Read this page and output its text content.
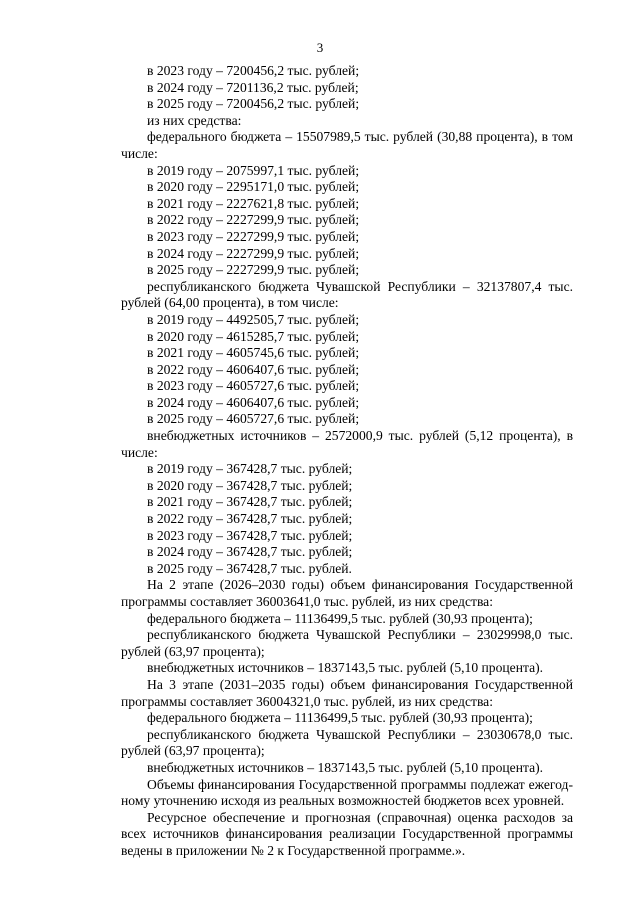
3
в 2023 году – 7200456,2 тыс. рублей;
в 2024 году – 7201136,2 тыс. рублей;
в 2025 году – 7200456,2 тыс. рублей;
из них средства:
федерального бюджета – 15507989,5 тыс. рублей (30,88 процента), в том
числе:
в 2019 году – 2075997,1 тыс. рублей;
в 2020 году – 2295171,0 тыс. рублей;
в 2021 году – 2227621,8 тыс. рублей;
в 2022 году – 2227299,9 тыс. рублей;
в 2023 году – 2227299,9 тыс. рублей;
в 2024 году – 2227299,9 тыс. рублей;
в 2025 году – 2227299,9 тыс. рублей;
республиканского бюджета Чувашской Республики – 32137807,4 тыс.
рублей (64,00 процента), в том числе:
в 2019 году – 4492505,7 тыс. рублей;
в 2020 году – 4615285,7 тыс. рублей;
в 2021 году – 4605745,6 тыс. рублей;
в 2022 году – 4606407,6 тыс. рублей;
в 2023 году – 4605727,6 тыс. рублей;
в 2024 году – 4606407,6 тыс. рублей;
в 2025 году – 4605727,6 тыс. рублей;
внебюджетных источников – 2572000,9 тыс. рублей (5,12 процента), в
числе:
в 2019 году – 367428,7 тыс. рублей;
в 2020 году – 367428,7 тыс. рублей;
в 2021 году – 367428,7 тыс. рублей;
в 2022 году – 367428,7 тыс. рублей;
в 2023 году – 367428,7 тыс. рублей;
в 2024 году – 367428,7 тыс. рублей;
в 2025 году – 367428,7 тыс. рублей.
На 2 этапе (2026–2030 годы) объем финансирования Государственной
программы составляет 36003641,0 тыс. рублей, из них средства:
федерального бюджета – 11136499,5 тыс. рублей (30,93 процента);
республиканского бюджета Чувашской Республики – 23029998,0 тыс.
рублей (63,97 процента);
внебюджетных источников – 1837143,5 тыс. рублей (5,10 процента).
На 3 этапе (2031–2035 годы) объем финансирования Государственной
программы составляет 36004321,0 тыс. рублей, из них средства:
федерального бюджета – 11136499,5 тыс. рублей (30,93 процента);
республиканского бюджета Чувашской Республики – 23030678,0 тыс.
рублей (63,97 процента);
внебюджетных источников – 1837143,5 тыс. рублей (5,10 процента).
Объемы финансирования Государственной программы подлежат ежегод-
ному уточнению исходя из реальных возможностей бюджетов всех уровней.
Ресурсное обеспечение и прогнозная (справочная) оценка расходов за
всех источников финансирования реализации Государственной программы
ведены в приложении № 2 к Государственной программе.».
